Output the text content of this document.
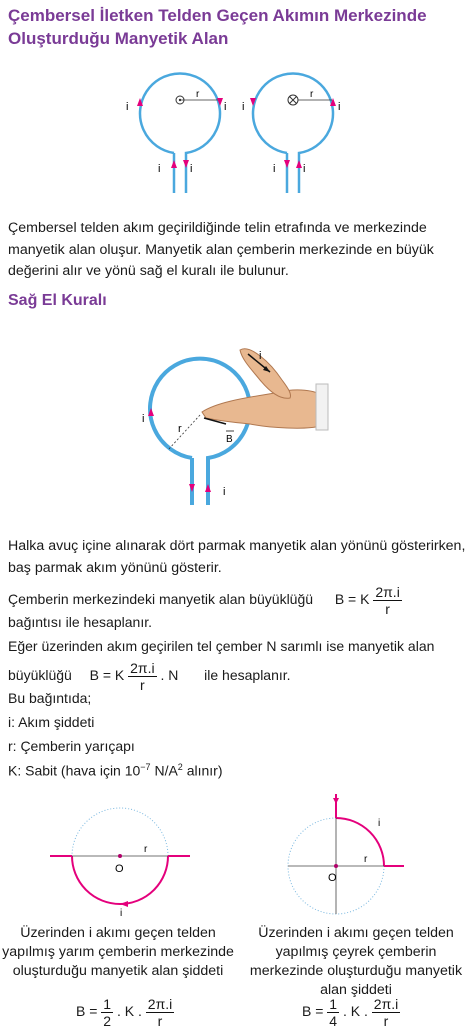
Çembersel İletken Telden Geçen Akımın Merkezinde Oluşturduğu Manyetik Alan
r
i	i
i	i
r
i	i
i	i
Çembersel telden akım geçirildiğinde telin etrafında ve merkezinde manyetik alan oluşur. Manyetik alan çemberin merkezinde en büyük değerini alır ve yönü sağ el kuralı ile bulunur.
Sağ El Kuralı
i
i
r
B
i
Halka avuç içine alınarak dört parmak manyetik alan yönünü gösterirken, baş parmak akım yönünü gösterir.
Çemberin merkezindeki manyetik alan büyüklüğü B = K $\frac{2\pi.i}{r}$
bağıntısı ile hesaplanır.
Eğer üzerinden akım geçirilen tel çember N sarımlı ise manyetik alan
büyüklüğü B = K $\frac{2\pi.i}{r}$ . N ile hesaplanır.
Bu bağıntıda;
i: Akım şiddeti
r: Çemberin yarıçapı
K: Sabit (hava için $10^{-7}$ $N/A^2$ alınır)
O
r
i
O
r
i
Üzerinden i akımı geçen telden yapılmış yarım çemberin merkezinde oluşturduğu manyetik alan şiddeti
Üzerinden i akımı geçen telden yapılmış çeyrek çemberin merkezinde oluşturduğu manyetik alan şiddeti
$B = \frac{1}{2}$ . K . $\frac{2\pi.i}{r}$	$B = \frac{1}{4}$ . K . $\frac{2\pi.i}{r}$
